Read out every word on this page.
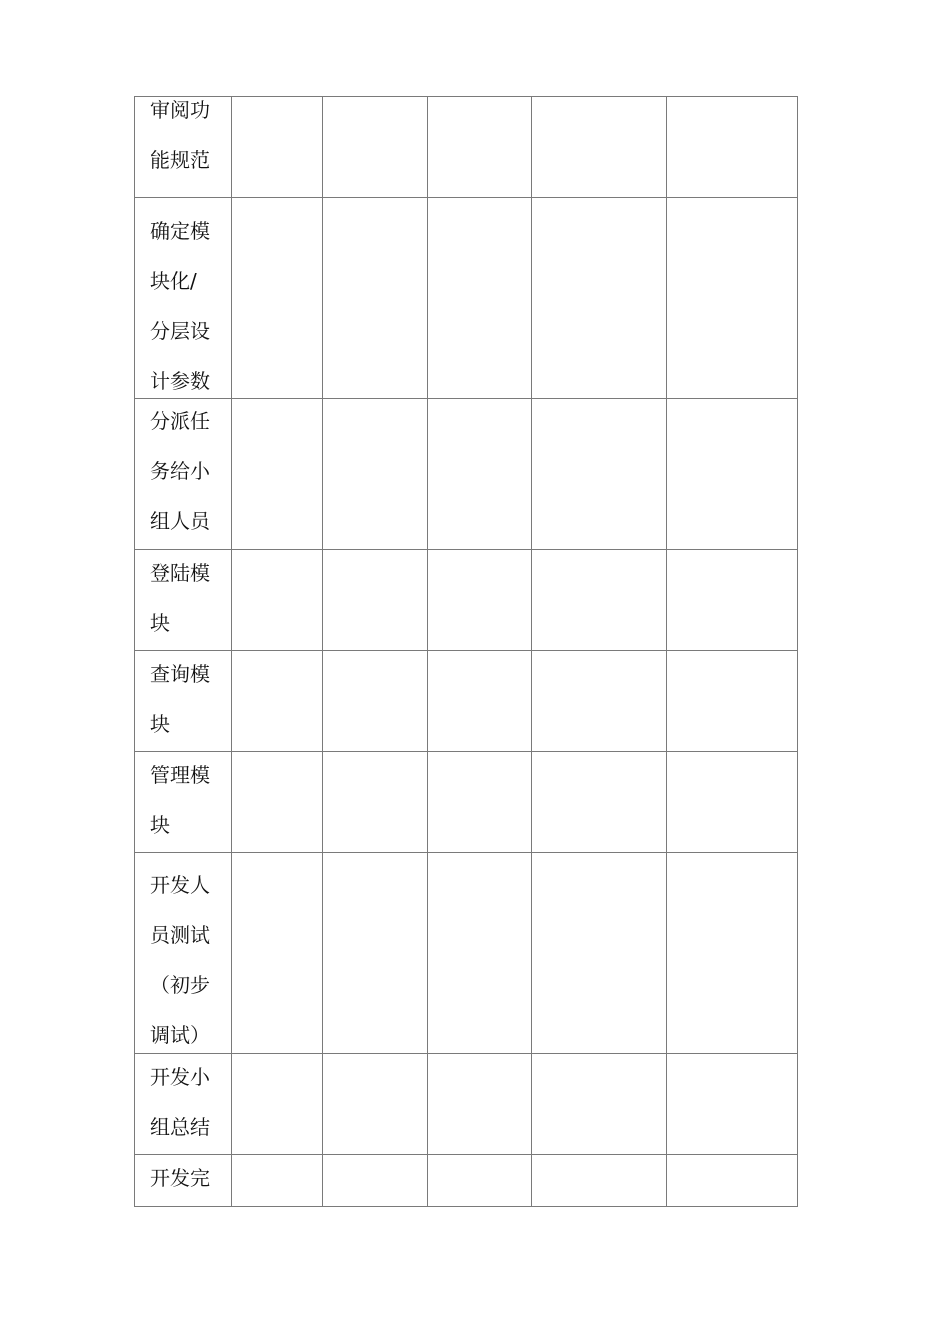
审阅功
能规范					

确定模
块化/
分层设
计参数					

分派任
务给小
组人员					

登陆模
块					

查询模
块					

管理模
块					

开发人
员测试
（初步
调试）					

开发小
组总结					

开发完					
